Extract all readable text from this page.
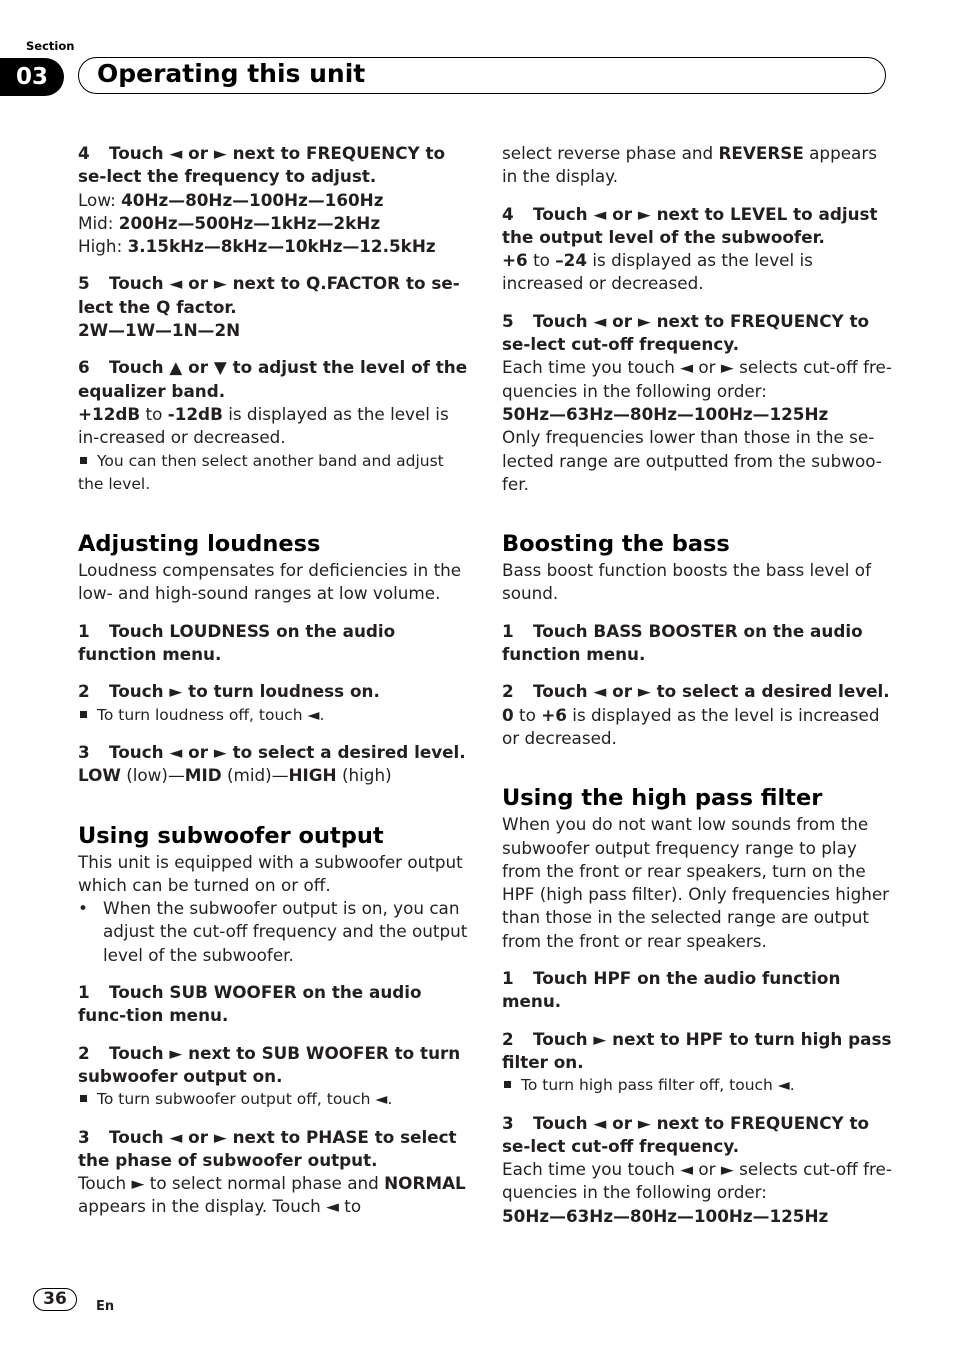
Section
03	Operating this unit

4 Touch ◄ or ► next to FREQUENCY to se-lect the frequency to adjust.

Low: 40Hz—80Hz—100Hz—160Hz

Mid: 200Hz—500Hz—1kHz—2kHz

High: 3.15kHz—8kHz—10kHz—12.5kHz

5 Touch ◄ or ► next to Q.FACTOR to se-lect the Q factor.

2W—1W—1N—2N

6 Touch ▲ or ▼ to adjust the level of the equalizer band.

+12dB to -12dB is displayed as the level is in-creased or decreased.

You can then select another band and adjust the level.

Adjusting loudness

Loudness compensates for deficiencies in the low- and high-sound ranges at low volume.

1 Touch LOUDNESS on the audio function menu.

2 Touch ► to turn loudness on.

To turn loudness off, touch ◄.

3 Touch ◄ or ► to select a desired level.

LOW (low)—MID (mid)—HIGH (high)

Using subwoofer output

This unit is equipped with a subwoofer output which can be turned on or off.

• When the subwoofer output is on, you can adjust the cut-off frequency and the output level of the subwoofer.

1 Touch SUB WOOFER on the audio func-tion menu.

2 Touch ► next to SUB WOOFER to turn subwoofer output on.

To turn subwoofer output off, touch ◄.

3 Touch ◄ or ► next to PHASE to select the phase of subwoofer output.

Touch ► to select normal phase and NORMAL appears in the display. Touch ◄ to

select reverse phase and REVERSE appears in the display.

4 Touch ◄ or ► next to LEVEL to adjust the output level of the subwoofer.

+6 to –24 is displayed as the level is increased or decreased.

5 Touch ◄ or ► next to FREQUENCY to se-lect cut-off frequency.

Each time you touch ◄ or ► selects cut-off fre-quencies in the following order:

50Hz—63Hz—80Hz—100Hz—125Hz

Only frequencies lower than those in the se-lected range are outputted from the subwoo-fer.

Boosting the bass

Bass boost function boosts the bass level of sound.

1 Touch BASS BOOSTER on the audio function menu.

2 Touch ◄ or ► to select a desired level.

0 to +6 is displayed as the level is increased or decreased.

Using the high pass filter

When you do not want low sounds from the subwoofer output frequency range to play from the front or rear speakers, turn on the HPF (high pass filter). Only frequencies higher than those in the selected range are output from the front or rear speakers.

1 Touch HPF on the audio function menu.

2 Touch ► next to HPF to turn high pass filter on.

To turn high pass filter off, touch ◄.

3 Touch ◄ or ► next to FREQUENCY to se-lect cut-off frequency.

Each time you touch ◄ or ► selects cut-off fre-quencies in the following order:

50Hz—63Hz—80Hz—100Hz—125Hz

36	En
